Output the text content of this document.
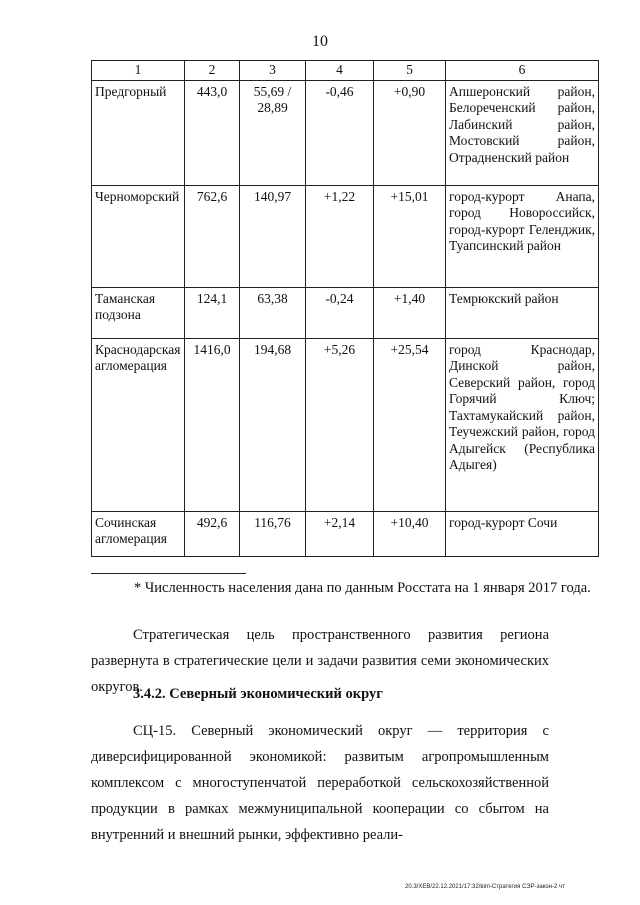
10
1	2	3	4	5	6
Предгорный	443,0	55,69 / 28,89	-0,46	+0,90	Апшеронский район, Белореченский район, Лабинский район, Мостовский район, Отрадненский район
Черноморский	762,6	140,97	+1,22	+15,01	город-курорт Анапа, город Новороссийск, город-курорт Геленджик, Туапсинский район
Таманская подзона	124,1	63,38	-0,24	+1,40	Темрюкский район
Краснодарская агломерация	1416,0	194,68	+5,26	+25,54	город Краснодар, Динской район, Северский район, город Горячий Ключ; Тахтамукайский район, Теучежский район, город Адыгейск (Республика Адыгея)
Сочинская агломерация	492,6	116,76	+2,14	+10,40	город-курорт Сочи
* Численность населения дана по данным Росстата на 1 января 2017 года.
Стратегическая цель пространственного развития региона развернута в стратегические цели и задачи развития семи экономических округов.
3.4.2. Северный экономический округ
СЦ-15. Северный экономический округ — территория с диверсифицированной экономикой: развитым агропромышленным комплексом с многоступенчатой переработкой сельскохозяйственной продукции в рамках межмуниципальной кооперации со сбытом на внутренний и внешний рынки, эффективно реали-
20.3/ХЕВ/22.12.2021/17:32/вim-Стратегия СЭР-закон-2 чт
